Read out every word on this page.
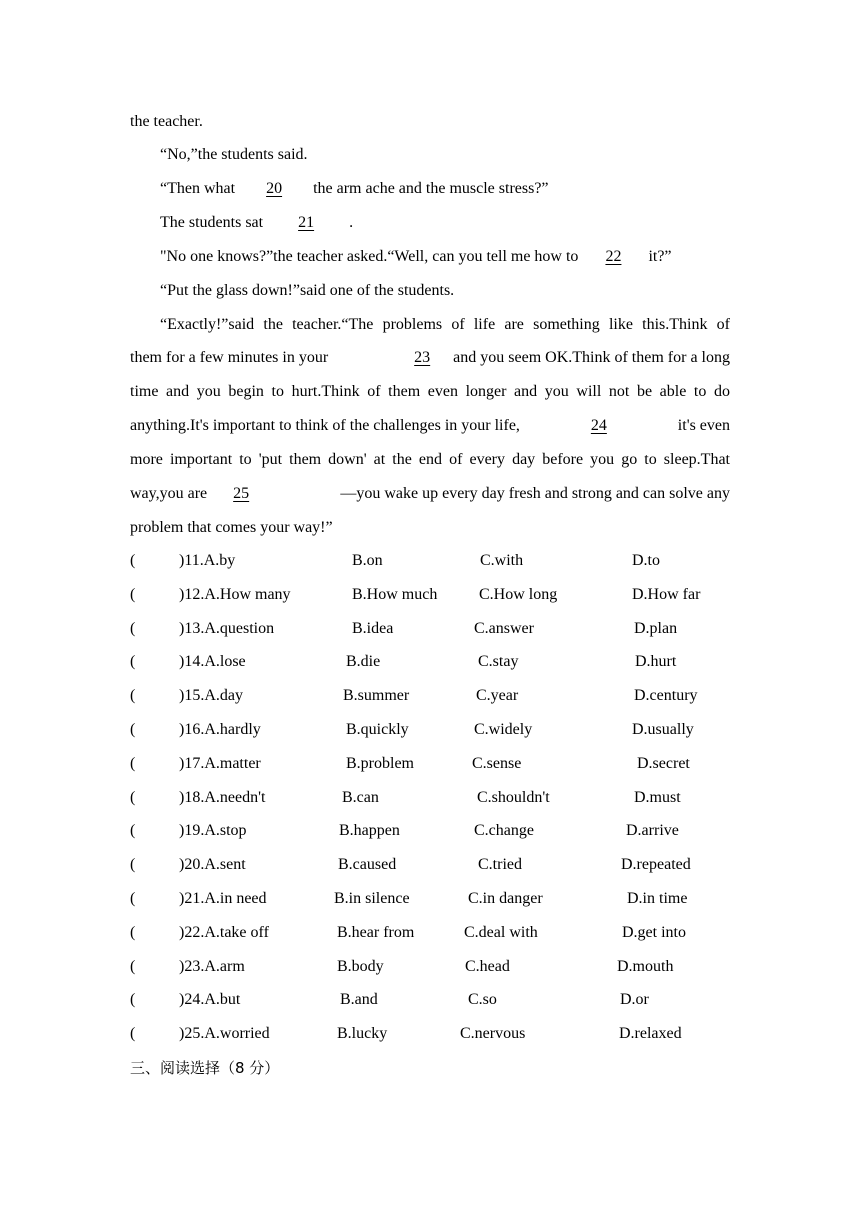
the teacher.
“No,”the students said.
“Then what 20 the arm ache and the muscle stress?”
The students sat 21 .
"No one knows?”the teacher asked.“Well, can you tell me how to 22 it?”
“Put the glass down!”said one of the students.
“Exactly!”said the teacher.“The problems of life are something like this.Think of
them for a few minutes in your	23 and you seem OK.Think of them for a long
time and you begin to hurt.Think of them even longer and you will not be able to do
anything.It's important to think of the challenges in your life,	24	it's even
more important to 'put them down' at the end of every day before you go to sleep.That
way,you are 25	—you wake up every day fresh and strong and can solve any
problem that comes your way!”
(	)11.A.by	B.on	C.with	D.to
(	)12.A.How many	B.How much	C.How long	D.How far
(	)13.A.question	B.idea	C.answer	D.plan
(	)14.A.lose	B.die	C.stay	D.hurt
(	)15.A.day	B.summer	C.year	D.century
(	)16.A.hardly	B.quickly	C.widely	D.usually
(	)17.A.matter	B.problem	C.sense	D.secret
(	)18.A.needn't	B.can	C.shouldn't	D.must
(	)19.A.stop	B.happen	C.change	D.arrive
(	)20.A.sent	B.caused	C.tried	D.repeated
(	)21.A.in need	B.in silence	C.in danger	D.in time
(	)22.A.take off	B.hear from	C.deal with	D.get into
(	)23.A.arm	B.body	C.head	D.mouth
(	)24.A.but	B.and	C.so	D.or
(	)25.A.worried	B.lucky	C.nervous	D.relaxed
三、阅读选择（8 分）
